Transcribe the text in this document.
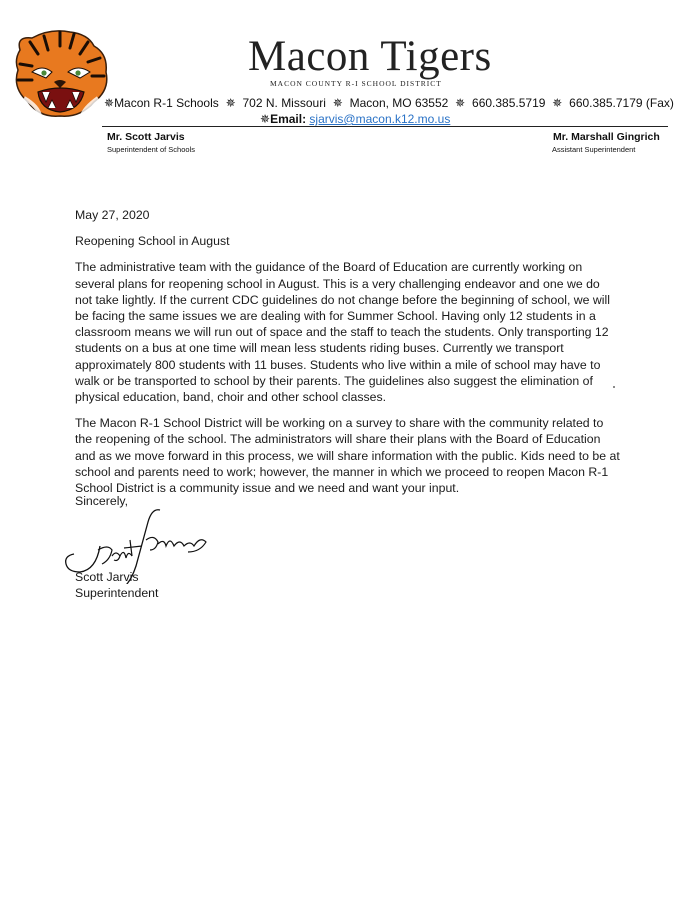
Macon Tigers
MACON COUNTY R-I SCHOOL DISTRICT
✵Macon R-1 Schools ✵ 702 N. Missouri ✵ Macon, MO 63552 ✵ 660.385.5719 ✵ 660.385.7179 (Fax)
✵Email: sjarvis@macon.k12.mo.us
Mr. Scott Jarvis
Superintendent of Schools
Mr. Marshall Gingrich
Assistant Superintendent

May 27, 2020

Reopening School in August

The administrative team with the guidance of the Board of Education are currently working on several plans for reopening school in August. This is a very challenging endeavor and one we do not take lightly. If the current CDC guidelines do not change before the beginning of school, we will be facing the same issues we are dealing with for Summer School. Having only 12 students in a classroom means we will run out of space and the staff to teach the students. Only transporting 12 students on a bus at one time will mean less students riding buses. Currently we transport approximately 800 students with 11 buses. Students who live within a mile of school may have to walk or be transported to school by their parents. The guidelines also suggest the elimination of physical education, band, choir and other school classes.

The Macon R-1 School District will be working on a survey to share with the community related to the reopening of the school. The administrators will share their plans with the Board of Education and as we move forward in this process, we will share information with the public. Kids need to be at school and parents need to work; however, the manner in which we proceed to reopen Macon R-1 School District is a community issue and we need and want your input.

Sincerely,
Scott Jarvis
Superintendent
